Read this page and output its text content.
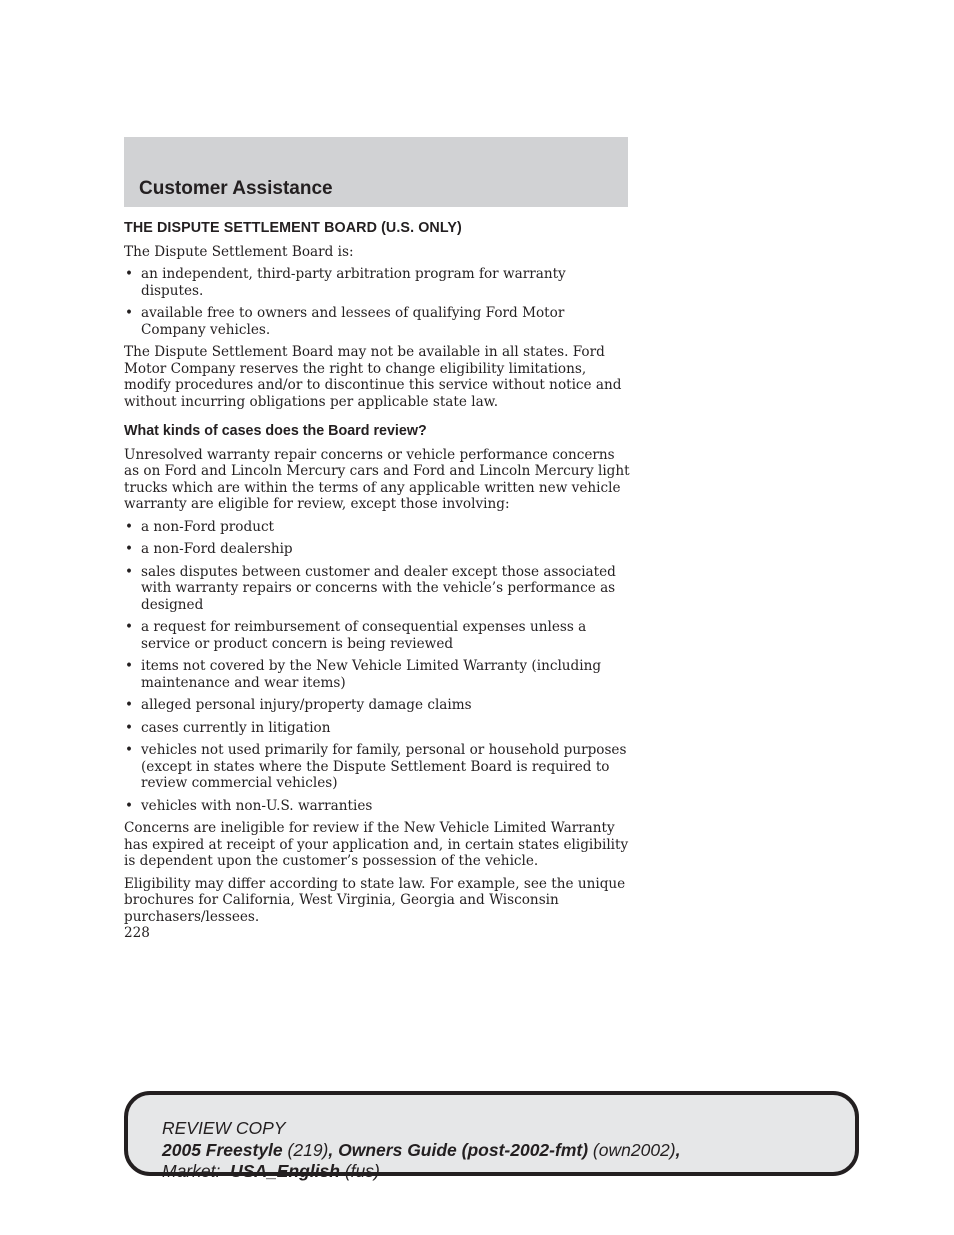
Customer Assistance
THE DISPUTE SETTLEMENT BOARD (U.S. ONLY)
The Dispute Settlement Board is:
• an independent, third-party arbitration program for warranty disputes.
• available free to owners and lessees of qualifying Ford Motor Company vehicles.
The Dispute Settlement Board may not be available in all states. Ford Motor Company reserves the right to change eligibility limitations, modify procedures and/or to discontinue this service without notice and without incurring obligations per applicable state law.
What kinds of cases does the Board review?
Unresolved warranty repair concerns or vehicle performance concerns as on Ford and Lincoln Mercury cars and Ford and Lincoln Mercury light trucks which are within the terms of any applicable written new vehicle warranty are eligible for review, except those involving:
• a non-Ford product
• a non-Ford dealership
• sales disputes between customer and dealer except those associated with warranty repairs or concerns with the vehicle’s performance as designed
• a request for reimbursement of consequential expenses unless a service or product concern is being reviewed
• items not covered by the New Vehicle Limited Warranty (including maintenance and wear items)
• alleged personal injury/property damage claims
• cases currently in litigation
• vehicles not used primarily for family, personal or household purposes (except in states where the Dispute Settlement Board is required to review commercial vehicles)
• vehicles with non-U.S. warranties
Concerns are ineligible for review if the New Vehicle Limited Warranty has expired at receipt of your application and, in certain states eligibility is dependent upon the customer’s possession of the vehicle.
Eligibility may differ according to state law. For example, see the unique brochures for California, West Virginia, Georgia and Wisconsin purchasers/lessees.
228
REVIEW COPY
2005 Freestyle (219), Owners Guide (post-2002-fmt) (own2002),
Market: USA_English (fus)
